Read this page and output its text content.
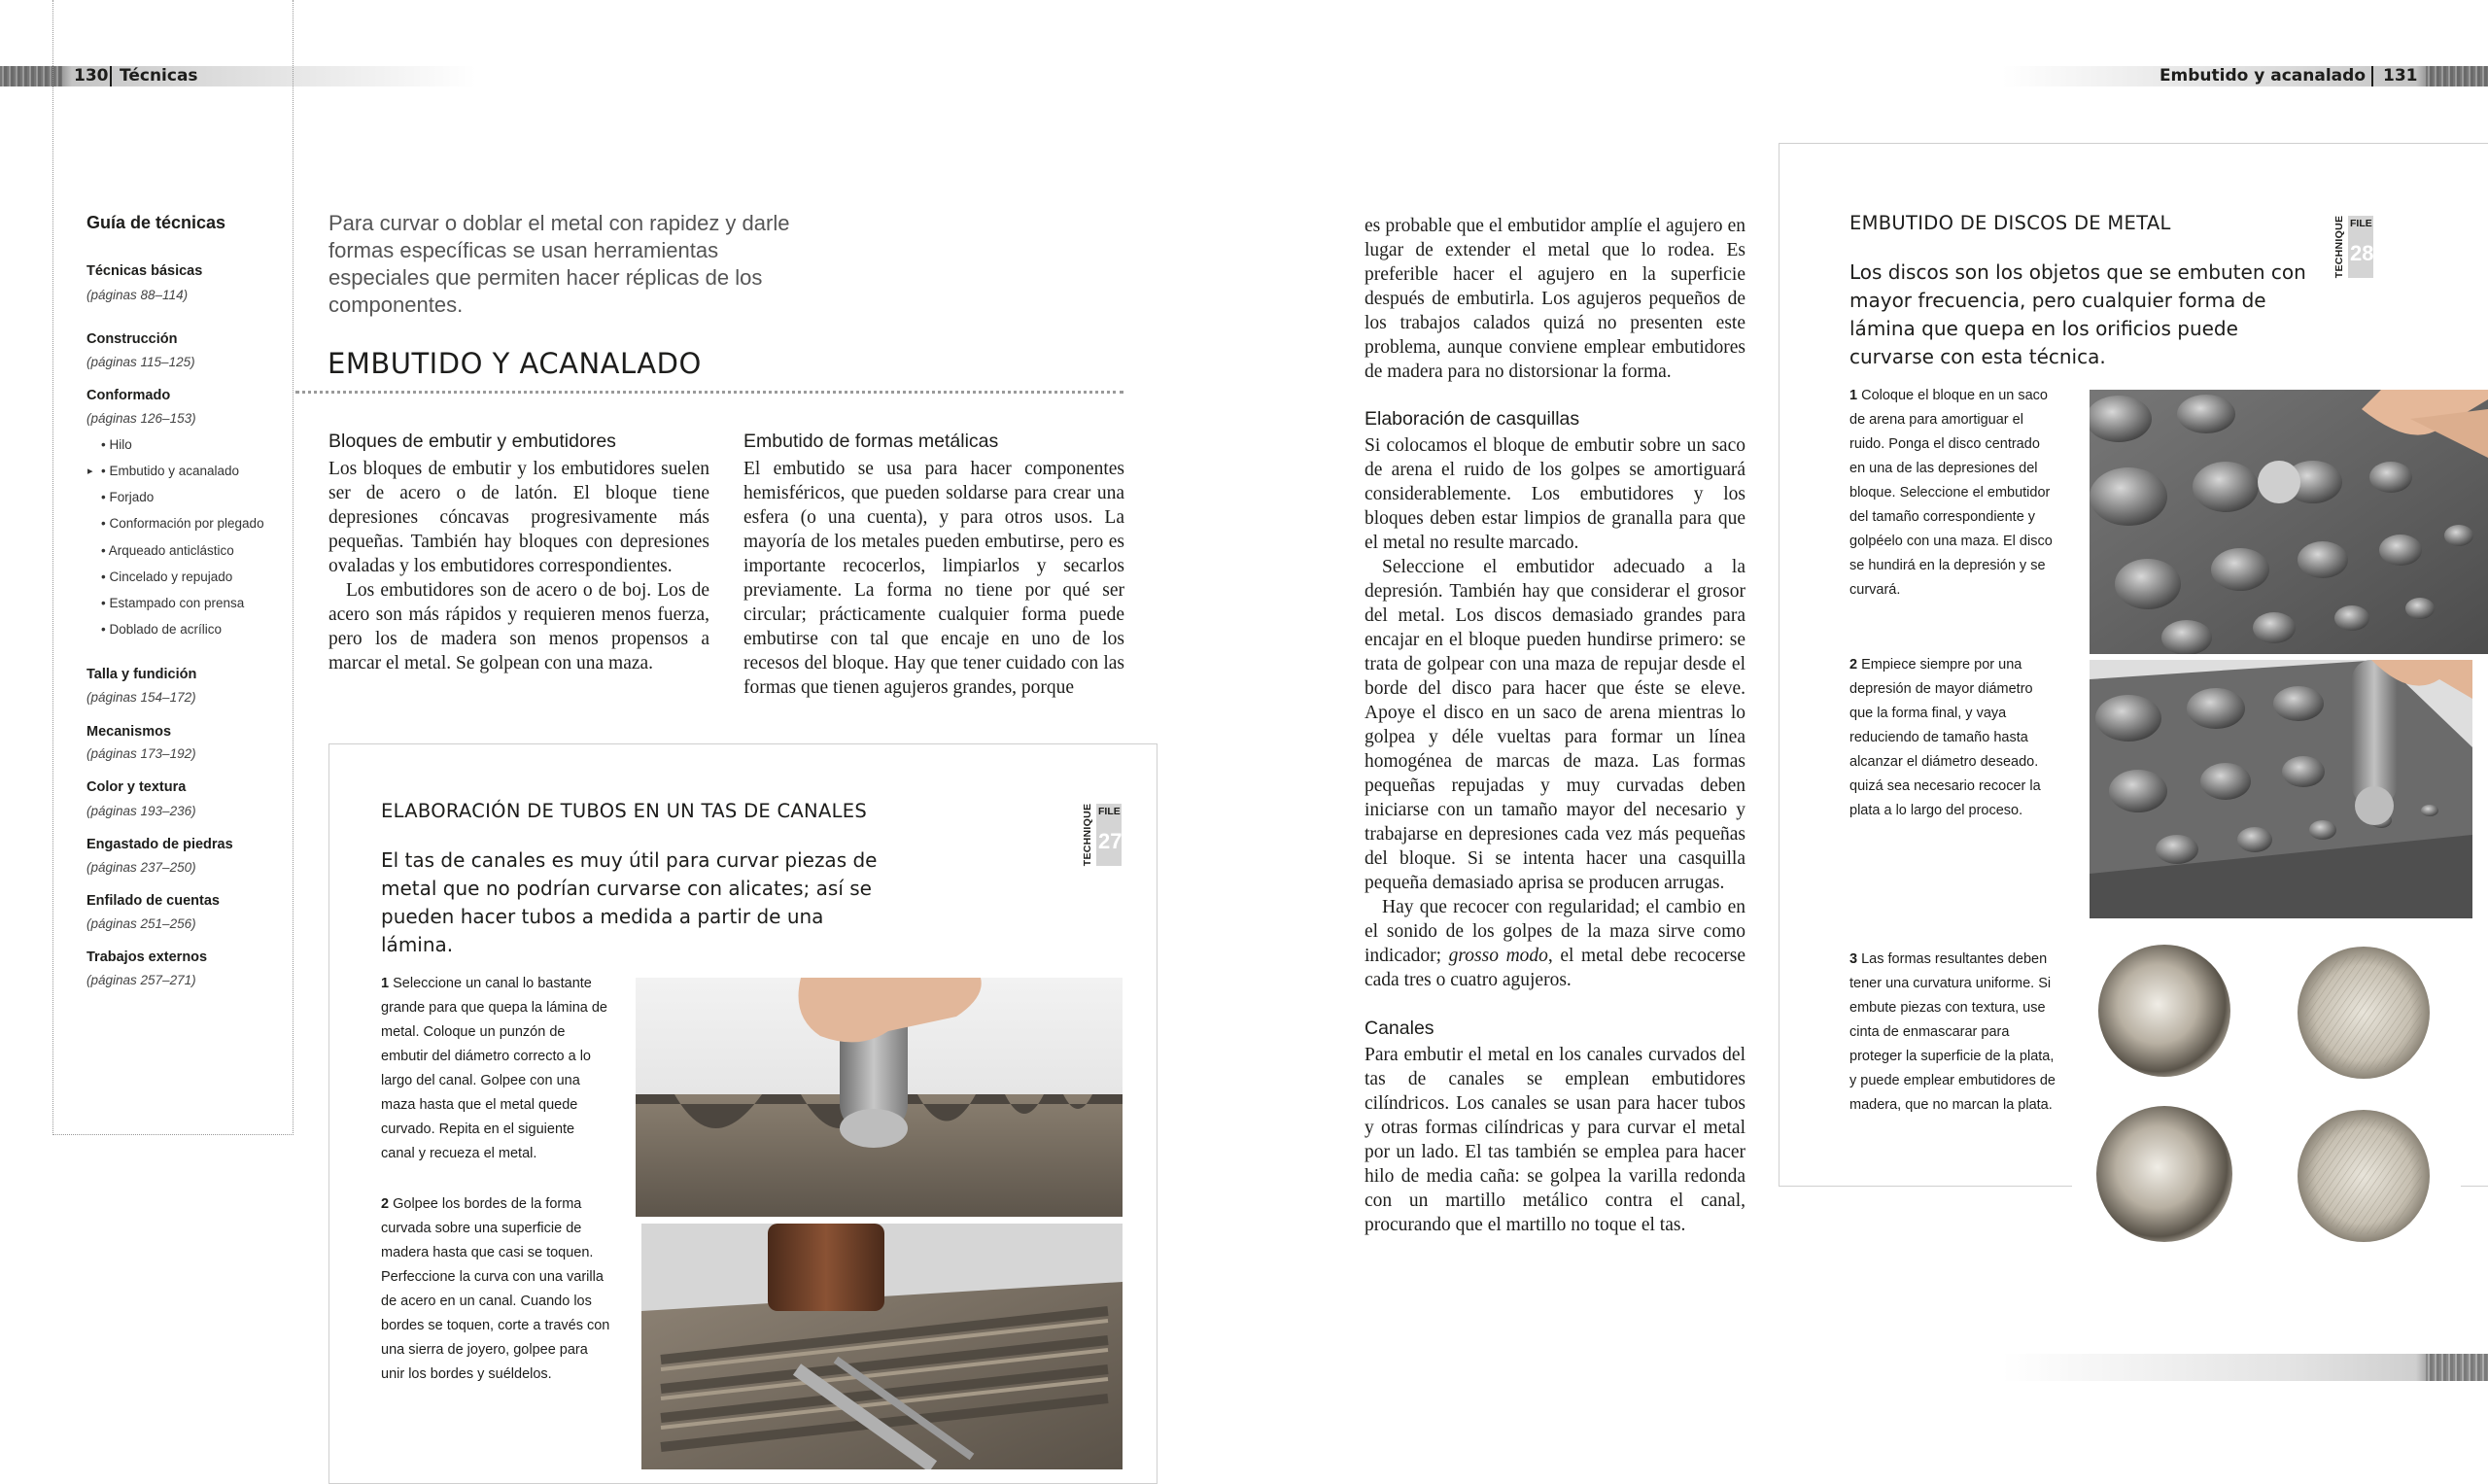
130 Técnicas	Embutido y acanalado 131
Guía de técnicas
Técnicas básicas
(páginas 88–114)
Construcción
(páginas 115–125)
Conformado
(páginas 126–153)
• Hilo
▸ • Embutido y acanalado
• Forjado
• Conformación por plegado
• Arqueado anticlástico
• Cincelado y repujado
• Estampado con prensa
• Doblado de acrílico
Talla y fundición
(páginas 154–172)
Mecanismos
(páginas 173–192)
Color y textura
(páginas 193–236)
Engastado de piedras
(páginas 237–250)
Enfilado de cuentas
(páginas 251–256)
Trabajos externos
(páginas 257–271)
Para curvar o doblar el metal con rapidez y darle formas específicas se usan herramientas especiales que permiten hacer réplicas de los componentes.
EMBUTIDO Y ACANALADO
Bloques de embutir y embutidores

Los bloques de embutir y los embutidores suelen ser de acero o de latón. El bloque tiene depresiones cóncavas progresivamente más pequeñas. También hay bloques con depresiones ovaladas y los embutidores correspondientes.

Los embutidores son de acero o de boj. Los de acero son más rápidos y requieren menos fuerza, pero los de madera son menos propensos a marcar el metal. Se golpean con una maza.

Embutido de formas metálicas

El embutido se usa para hacer componentes hemisféricos, que pueden soldarse para crear una esfera (o una cuenta), y para otros usos. La mayoría de los metales pueden embutirse, pero es importante recocerlos, limpiarlos y secarlos previamente. La forma no tiene por qué ser circular; prácticamente cualquier forma puede embutirse con tal que encaje en uno de los recesos del bloque. Hay que tener cuidado con las formas que tienen agujeros grandes, porque

ELABORACIÓN DE TUBOS EN UN TAS DE CANALES	TECHNIQUE FILE
27
El tas de canales es muy útil para curvar piezas de metal que no podrían curvarse con alicates; así se pueden hacer tubos a medida a partir de una lámina.
1 Seleccione un canal lo bastante grande para que quepa la lámina de metal. Coloque un punzón de embutir del diámetro correcto a lo largo del canal. Golpee con una maza hasta que el metal quede curvado. Repita en el siguiente canal y recueza el metal.
2 Golpee los bordes de la forma curvada sobre una superficie de madera hasta que casi se toquen. Perfeccione la curva con una varilla de acero en un canal. Cuando los bordes se toquen, corte a través con una sierra de joyero, golpee para unir los bordes y suéldelos.

es probable que el embutidor amplíe el agujero en lugar de extender el metal que lo rodea. Es preferible hacer el agujero en la superficie después de embutirla. Los agujeros pequeños de los trabajos calados quizá no presenten este problema, aunque conviene emplear embutidores de madera para no distorsionar la forma.

Elaboración de casquillas

Si colocamos el bloque de embutir sobre un saco de arena el ruido de los golpes se amortiguará considerablemente. Los embutidores y los bloques deben estar limpios de granalla para que el metal no resulte marcado.

Seleccione el embutidor adecuado a la depresión. También hay que considerar el grosor del metal. Los discos demasiado grandes para encajar en el bloque pueden hundirse primero: se trata de golpear con una maza de repujar desde el borde del disco para hacer que éste se eleve. Apoye el disco en un saco de arena mientras lo golpea y déle vueltas para formar un línea homogénea de marcas de maza. Las formas pequeñas repujadas y muy curvadas deben iniciarse con un tamaño mayor del necesario y trabajarse en depresiones cada vez más pequeñas del bloque. Si se intenta hacer una casquilla pequeña demasiado aprisa se producen arrugas.

Hay que recocer con regularidad; el cambio en el sonido de los golpes de la maza sirve como indicador; grosso modo, el metal debe recocerse cada tres o cuatro agujeros.

Canales

Para embutir el metal en los canales curvados del tas de canales se emplean embutidores cilíndricos. Los canales se usan para hacer tubos y otras formas cilíndricas y para curvar el metal por un lado. El tas también se emplea para hacer hilo de media caña: se golpea la varilla redonda con un martillo metálico contra el canal, procurando que el martillo no toque el tas.

EMBUTIDO DE DISCOS DE METAL	TECHNIQUE FILE
28
Los discos son los objetos que se embuten con mayor frecuencia, pero cualquier forma de lámina que quepa en los orificios puede curvarse con esta técnica.
1 Coloque el bloque en un saco de arena para amortiguar el ruido. Ponga el disco centrado en una de las depresiones del bloque. Seleccione el embutidor del tamaño correspondiente y golpéelo con una maza. El disco se hundirá en la depresión y se curvará.
2 Empiece siempre por una depresión de mayor diámetro que la forma final, y vaya reduciendo de tamaño hasta alcanzar el diámetro deseado. quizá sea necesario recocer la plata a lo largo del proceso.
3 Las formas resultantes deben tener una curvatura uniforme. Si embute piezas con textura, use cinta de enmascarar para proteger la superficie de la plata, y puede emplear embutidores de madera, que no marcan la plata.
